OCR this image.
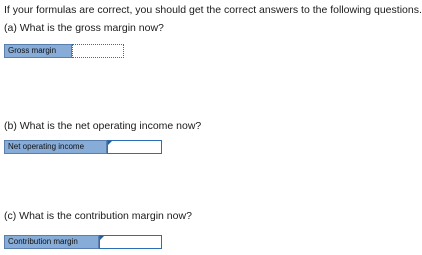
If your formulas are correct, you should get the correct answers to the following questions.
(a) What is the gross margin now?
Gross margin
(b) What is the net operating income now?
Net operating income
(c) What is the contribution margin now?
Contribution margin
